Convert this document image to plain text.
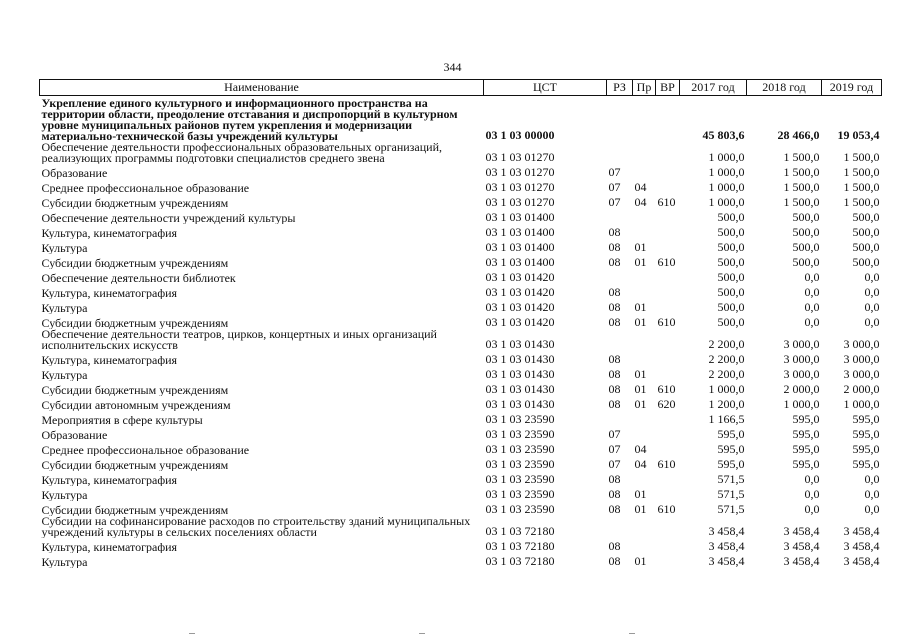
344
Наименование	ЦСТ	РЗ	Пр	ВР	2017 год	2018 год	2019 год
Укрепление единого культурного и информационного пространства на территории области, преодоление отставания и диспропорций в культурном уровне муниципальных районов путем укрепления и модернизации материально-технической базы учреждений культуры	03 1 03 00000				45 803,6	28 466,0	19 053,4
Обеспечение деятельности профессиональных образовательных организаций, реализующих программы подготовки специалистов среднего звена	03 1 03 01270				1 000,0	1 500,0	1 500,0
Образование	03 1 03 01270	07			1 000,0	1 500,0	1 500,0
Среднее профессиональное образование	03 1 03 01270	07	04		1 000,0	1 500,0	1 500,0
Субсидии бюджетным учреждениям	03 1 03 01270	07	04	610	1 000,0	1 500,0	1 500,0
Обеспечение деятельности учреждений культуры	03 1 03 01400				500,0	500,0	500,0
Культура, кинематография	03 1 03 01400	08			500,0	500,0	500,0
Культура	03 1 03 01400	08	01		500,0	500,0	500,0
Субсидии бюджетным учреждениям	03 1 03 01400	08	01	610	500,0	500,0	500,0
Обеспечение деятельности библиотек	03 1 03 01420				500,0	0,0	0,0
Культура, кинематография	03 1 03 01420	08			500,0	0,0	0,0
Культура	03 1 03 01420	08	01		500,0	0,0	0,0
Субсидии бюджетным учреждениям	03 1 03 01420	08	01	610	500,0	0,0	0,0
Обеспечение деятельности театров, цирков, концертных и иных организаций исполнительских искусств	03 1 03 01430				2 200,0	3 000,0	3 000,0
Культура, кинематография	03 1 03 01430	08			2 200,0	3 000,0	3 000,0
Культура	03 1 03 01430	08	01		2 200,0	3 000,0	3 000,0
Субсидии бюджетным учреждениям	03 1 03 01430	08	01	610	1 000,0	2 000,0	2 000,0
Субсидии автономным учреждениям	03 1 03 01430	08	01	620	1 200,0	1 000,0	1 000,0
Мероприятия в сфере культуры	03 1 03 23590				1 166,5	595,0	595,0
Образование	03 1 03 23590	07			595,0	595,0	595,0
Среднее профессиональное образование	03 1 03 23590	07	04		595,0	595,0	595,0
Субсидии бюджетным учреждениям	03 1 03 23590	07	04	610	595,0	595,0	595,0
Культура, кинематография	03 1 03 23590	08			571,5	0,0	0,0
Культура	03 1 03 23590	08	01		571,5	0,0	0,0
Субсидии бюджетным учреждениям	03 1 03 23590	08	01	610	571,5	0,0	0,0
Субсидии на софинансирование расходов по строительству зданий муниципальных учреждений культуры в сельских поселениях области	03 1 03 72180				3 458,4	3 458,4	3 458,4
Культура, кинематография	03 1 03 72180	08			3 458,4	3 458,4	3 458,4
Культура	03 1 03 72180	08	01		3 458,4	3 458,4	3 458,4
